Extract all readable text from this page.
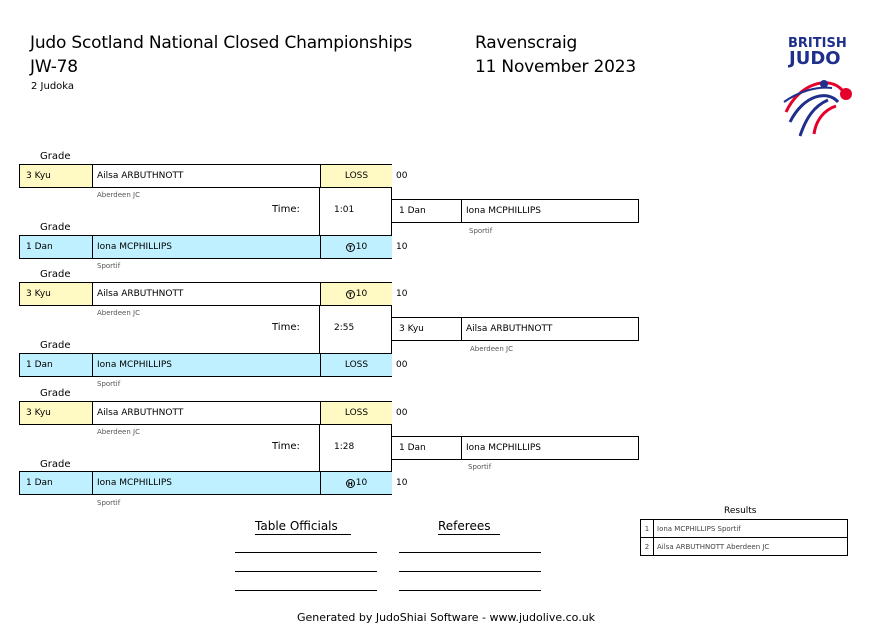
Judo Scotland National Closed Championships
JW-78
2 Judoka
Ravenscraig
11 November 2023
BRITISH
JUDO
Grade
3 Kyu	Ailsa ARBUTHNOTT	LOSS	00
Aberdeen JC
Time:	1:01
Grade
1 Dan	Iona MCPHILLIPS	T 10	10
Sportif
1 Dan	Iona MCPHILLIPS
Sportif
Grade
3 Kyu	Ailsa ARBUTHNOTT	T 10	10
Aberdeen JC
Time:	2:55
Grade
1 Dan	Iona MCPHILLIPS	LOSS	00
Sportif
3 Kyu	Ailsa ARBUTHNOTT
Aberdeen JC
Grade
3 Kyu	Ailsa ARBUTHNOTT	LOSS	00
Aberdeen JC
Time:	1:28
Grade
1 Dan	Iona MCPHILLIPS	H 10	10
Sportif
1 Dan	Iona MCPHILLIPS
Sportif
Results
1	Iona MCPHILLIPS Sportif
2	Ailsa ARBUTHNOTT Aberdeen JC
Table Officials	Referees
Generated by JudoShiai Software - www.judolive.co.uk
